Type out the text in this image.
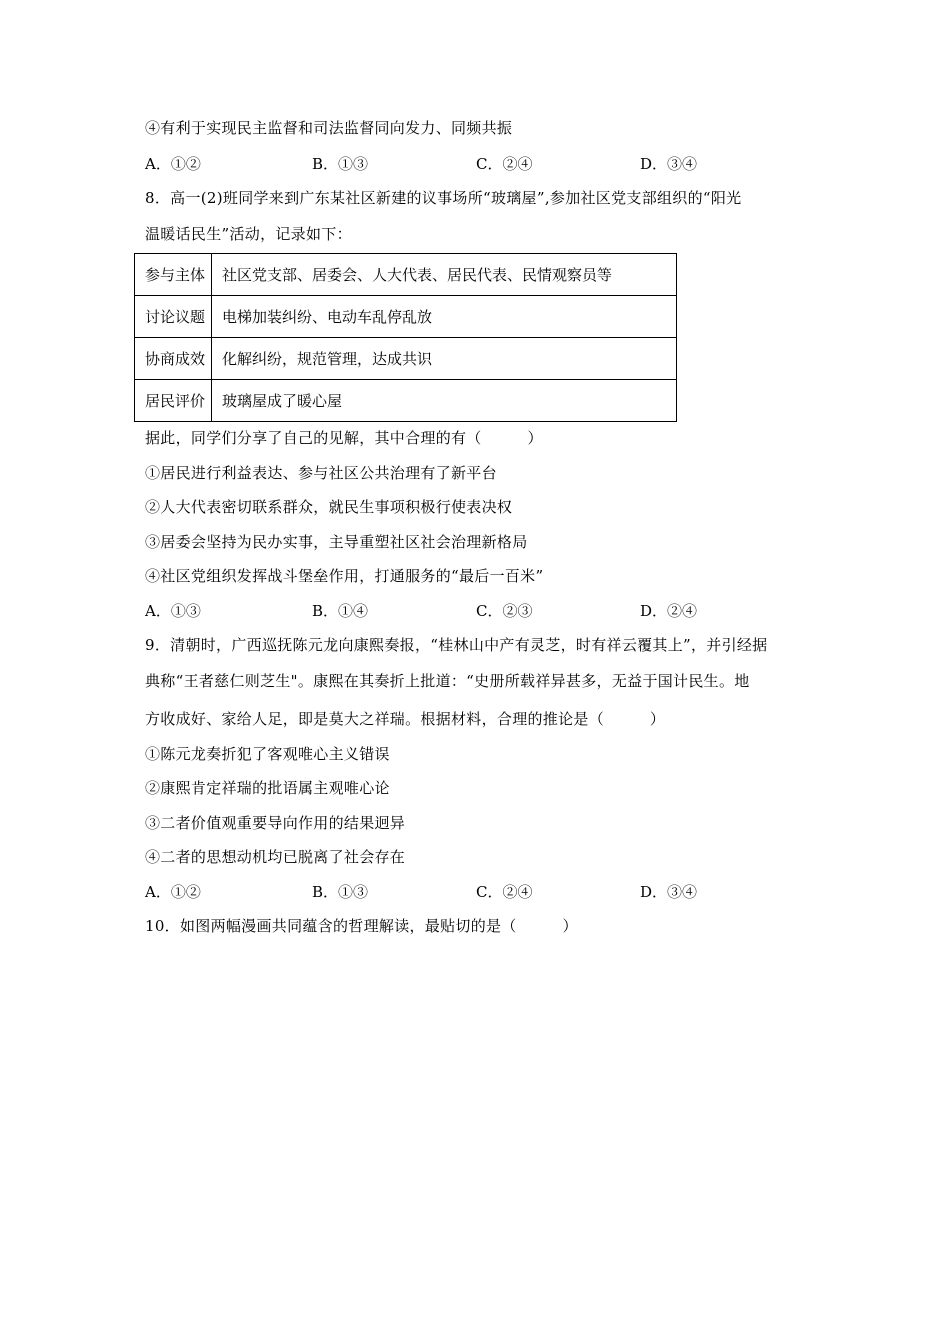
④有利于实现民主监督和司法监督同向发力、同频共振
A．①②	B．①③	C．②④	D．③④
8．高一(2)班同学来到广东某社区新建的议事场所“玻璃屋”,参加社区党支部组织的“阳光
温暖话民生”活动，记录如下：
参与主体	社区党支部、居委会、人大代表、居民代表、民情观察员等
讨论议题	电梯加装纠纷、电动车乱停乱放
协商成效	化解纠纷，规范管理，达成共识
居民评价	玻璃屋成了暖心屋
据此，同学们分享了自己的见解，其中合理的有（　　　）
①居民进行利益表达、参与社区公共治理有了新平台
②人大代表密切联系群众，就民生事项积极行使表决权
③居委会坚持为民办实事，主导重塑社区社会治理新格局
④社区党组织发挥战斗堡垒作用，打通服务的“最后一百米”
A．①③	B．①④	C．②③	D．②④
9．清朝时，广西巡抚陈元龙向康熙奏报，“桂林山中产有灵芝，时有祥云覆其上”，并引经据
典称“王者慈仁则芝生"。康熙在其奏折上批道：“史册所载祥异甚多，无益于国计民生。地
方收成好、家给人足，即是莫大之祥瑞。根据材料，合理的推论是（　　　）
①陈元龙奏折犯了客观唯心主义错误
②康熙肯定祥瑞的批语属主观唯心论
③二者价值观重要导向作用的结果迥异
④二者的思想动机均已脱离了社会存在
A．①②	B．①③	C．②④	D．③④
10．如图两幅漫画共同蕴含的哲理解读，最贴切的是（　　　）
